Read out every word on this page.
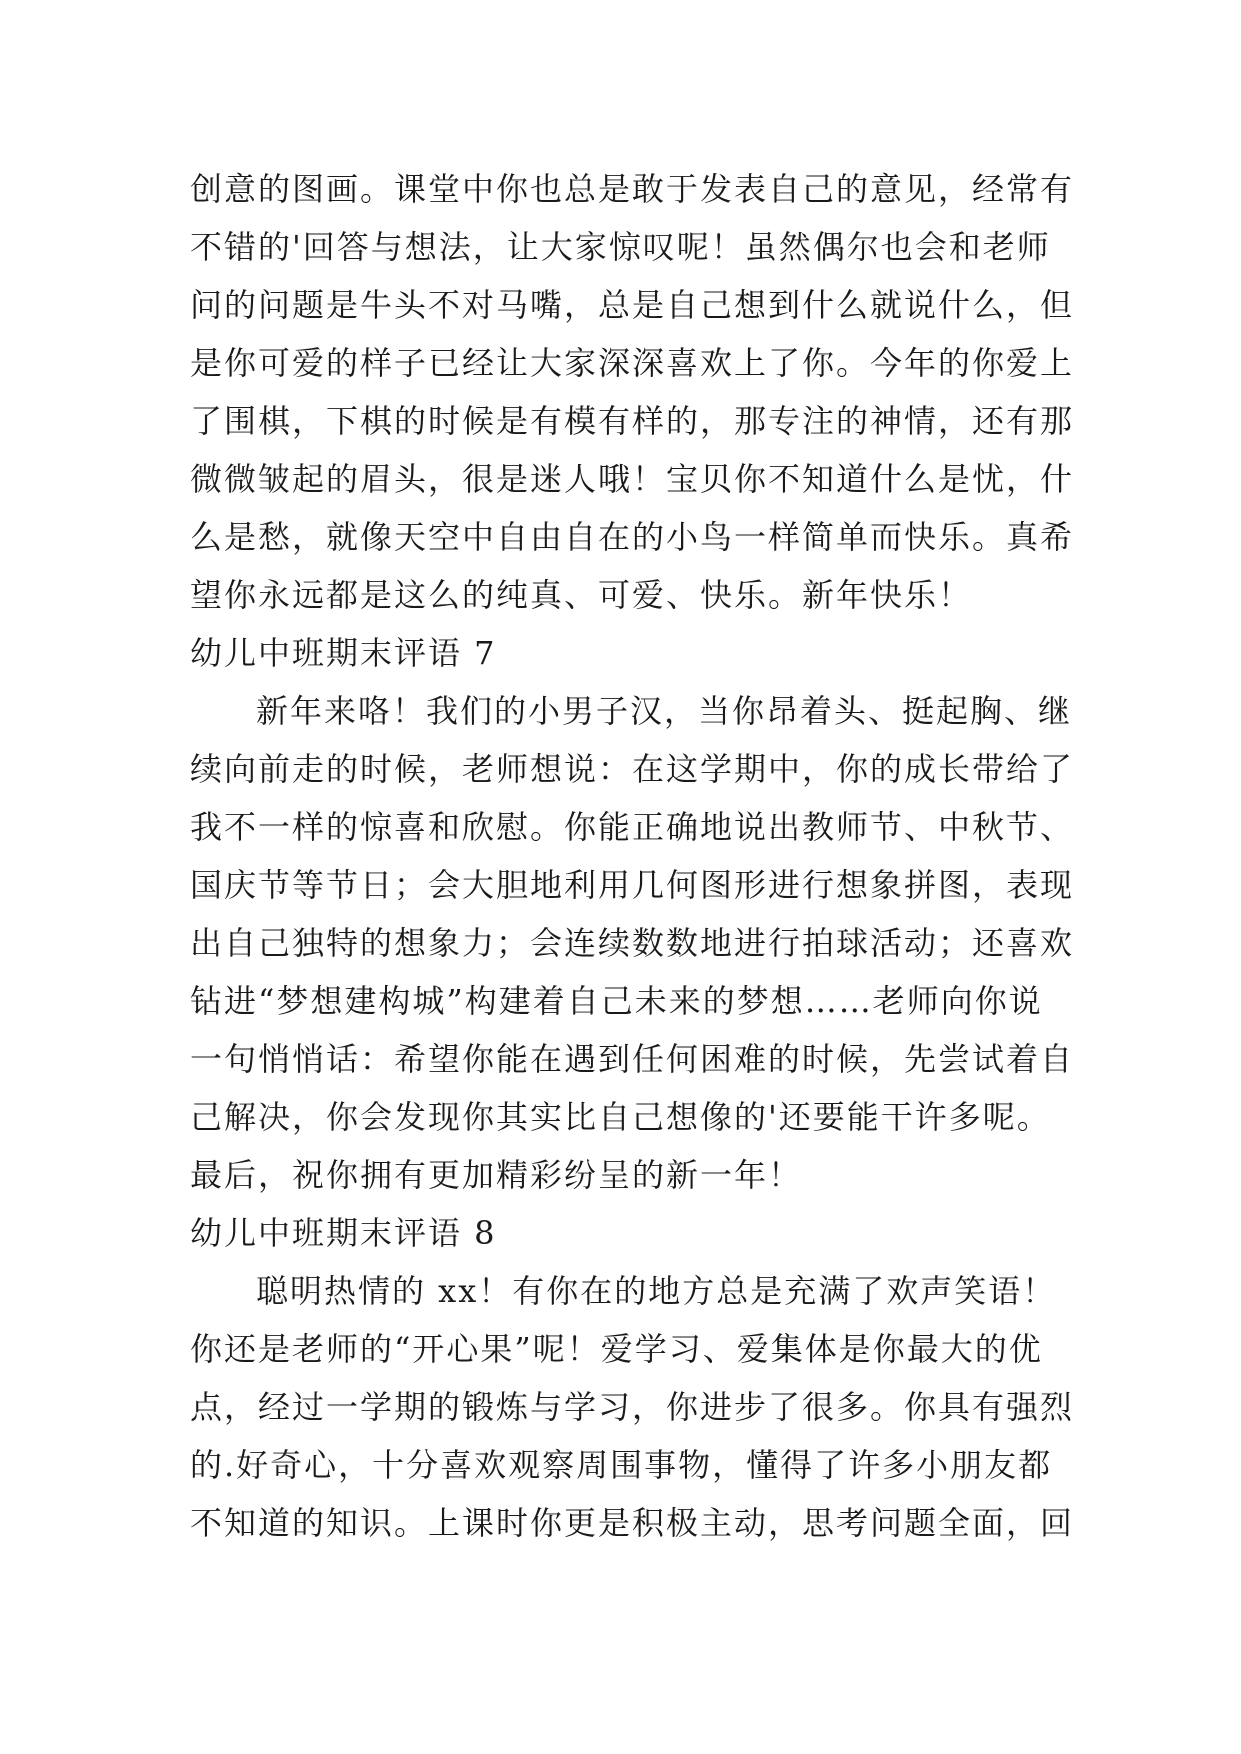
创意的图画。课堂中你也总是敢于发表自己的意见，经常有
不错的'回答与想法，让大家惊叹呢！虽然偶尔也会和老师
问的问题是牛头不对马嘴，总是自己想到什么就说什么，但
是你可爱的样子已经让大家深深喜欢上了你。今年的你爱上
了围棋，下棋的时候是有模有样的，那专注的神情，还有那
微微皱起的眉头，很是迷人哦！宝贝你不知道什么是忧，什
么是愁，就像天空中自由自在的小鸟一样简单而快乐。真希
望你永远都是这么的纯真、可爱、快乐。新年快乐！
幼儿中班期末评语 7
新年来咯！我们的小男子汉，当你昂着头、挺起胸、继
续向前走的时候，老师想说：在这学期中，你的成长带给了
我不一样的惊喜和欣慰。你能正确地说出教师节、中秋节、
国庆节等节日；会大胆地利用几何图形进行想象拼图，表现
出自己独特的想象力；会连续数数地进行拍球活动；还喜欢
钻进“梦想建构城”构建着自己未来的梦想……老师向你说
一句悄悄话：希望你能在遇到任何困难的时候，先尝试着自
己解决，你会发现你其实比自己想像的'还要能干许多呢。
最后，祝你拥有更加精彩纷呈的新一年！
幼儿中班期末评语 8
聪明热情的 xx！有你在的地方总是充满了欢声笑语！
你还是老师的“开心果”呢！爱学习、爱集体是你最大的优
点，经过一学期的锻炼与学习，你进步了很多。你具有强烈
的.好奇心，十分喜欢观察周围事物，懂得了许多小朋友都
不知道的知识。上课时你更是积极主动，思考问题全面，回
